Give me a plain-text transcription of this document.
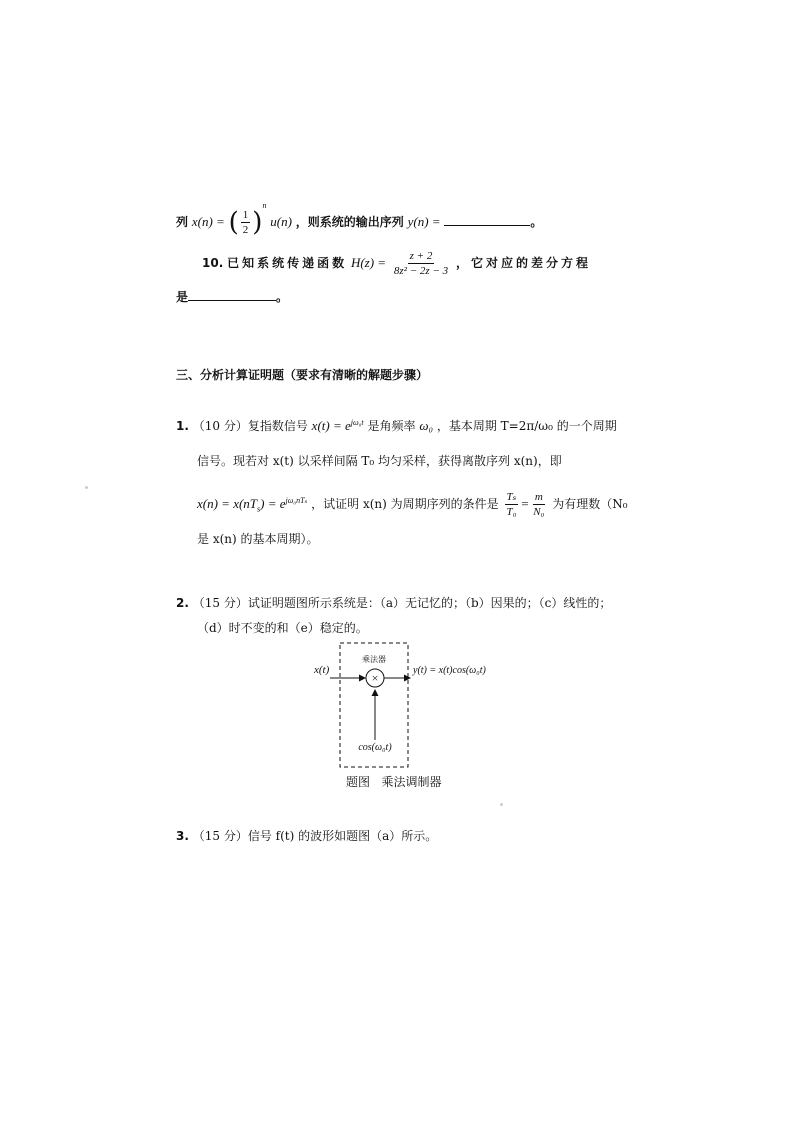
列 x(n) = ( $\frac{1}{2} )^n$ u(n) ，则系统的输出序列 y(n) =	。
10. 已知系统传递函数 $H(z) = \frac{z + 2}{\text{8z² − 2z − 3}}$ ，它对应的差分方程
是	。
三、分析计算证明题（要求有清晰的解题步骤）
1. （10 分）复指数信号 $x(t) = e^{j\omega_0t}$ 是角频率 ω₀ ，基本周期 T=2π/ω₀ 的一个周期
信号。现若对 x(t) 以采样间隔 T₀ 均匀采样，获得离散序列 x(n)，即
$x(n) = x(nT_s) = e^{j\omega_0nT_s}$ ，试证明 x(n) 为周期序列的条件是 $\frac{\text{Tₛ}}{\text{T₀}} = \frac{m}{\text{N₀}}$ 为有理数（N₀
是 x(n) 的基本周期）。
2. （15 分）试证明题图所示系统是：（a）无记忆的；（b）因果的；（c）线性的；
（d）时不变的和（e）稳定的。
乘法器
x(t)
×
y(t) = x(t)cos(ω₀t)
cos(ω₀t)
题图   乘法调制器
3. （15 分）信号 f(t) 的波形如题图（a）所示。
